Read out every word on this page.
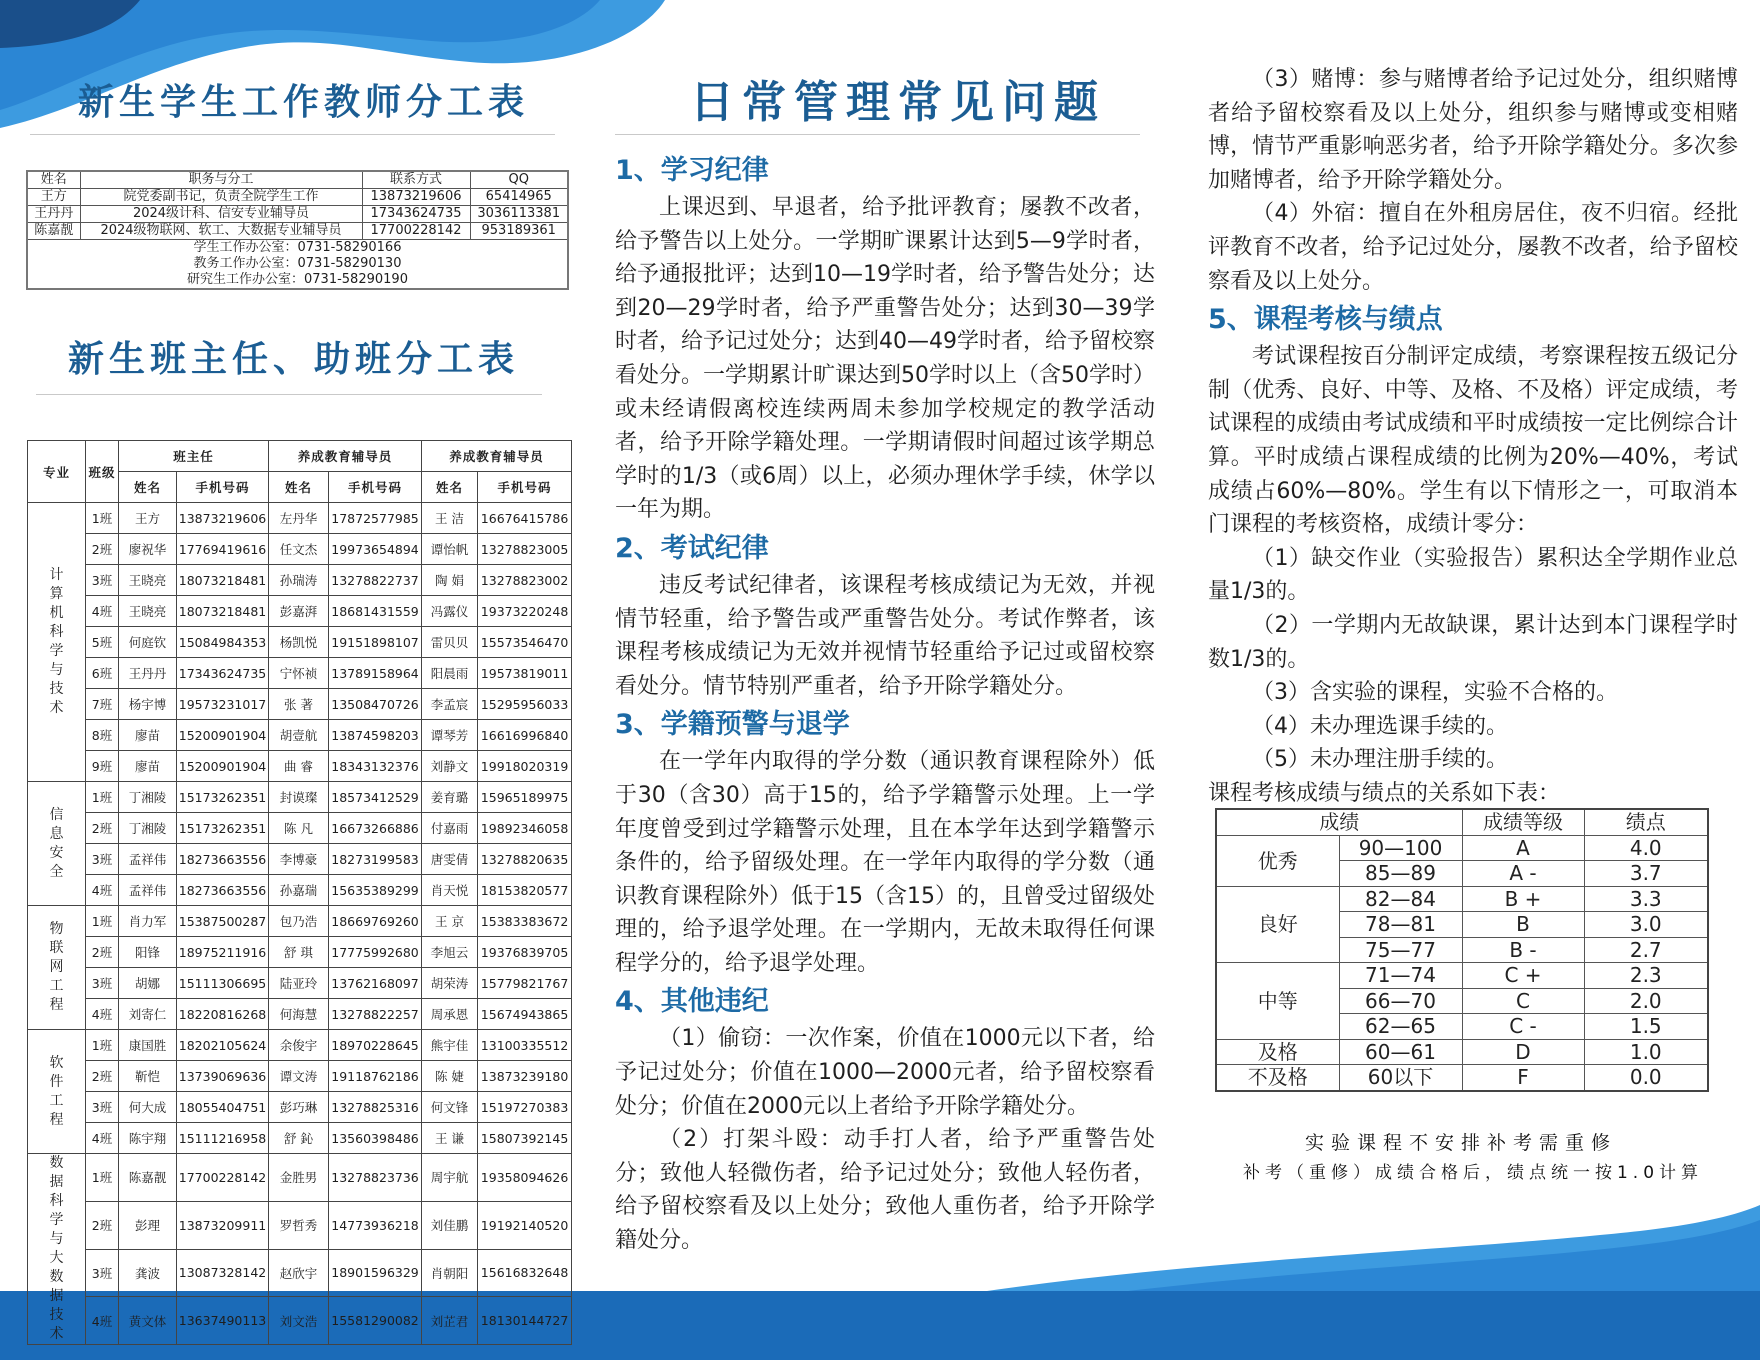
新生学生工作教师分工表
姓名	职务与分工	联系方式	QQ
王方	院党委副书记，负责全院学生工作	13873219606	65414965
王丹丹	2024级计科、信安专业辅导员	17343624735	3036113381
陈嘉靓	2024级物联网、软工、大数据专业辅导员	17700228142	953189361
学生工作办公室：0731-58290166			
教务工作办公室：0731-58290130			
研究生工作办公室：0731-58290190			
新生班主任、助班分工表
专业	班级	班主任		养成教育辅导员		养成教育辅导员	
		姓名	手机号码	姓名	手机号码	姓名	手机号码
计算机科学与技术	1班	王方	13873219606	左丹华	17872577985	王 洁	16676415786
	2班	廖祝华	17769419616	任文杰	19973654894	谭怡帆	13278823005
	3班	王晓亮	18073218481	孙瑞涛	13278822737	陶 娟	13278823002
	4班	王晓亮	18073218481	彭嘉湃	18681431559	冯露仪	19373220248
	5班	何庭钦	15084984353	杨凯悦	19151898107	雷贝贝	15573546470
	6班	王丹丹	17343624735	宁怀祯	13789158964	阳晨雨	19573819011
	7班	杨宇博	19573231017	张 著	13508470726	李孟宸	15295956033
	8班	廖苗	15200901904	胡壹航	13874598203	谭琴芳	16616996840
	9班	廖苗	15200901904	曲 睿	18343132376	刘静文	19918020319
信息安全	1班	丁湘陵	15173262351	封谟璨	18573412529	姜育璐	15965189975
	2班	丁湘陵	15173262351	陈 凡	16673266886	付嘉雨	19892346058
	3班	孟祥伟	18273663556	李博豪	18273199583	唐雯倩	13278820635
	4班	孟祥伟	18273663556	孙嘉瑞	15635389299	肖天悦	18153820577
物联网工程	1班	肖力军	15387500287	包乃浩	18669769260	王 京	15383383672
	2班	阳锋	18975211916	舒 琪	17775992680	李旭云	19376839705
	3班	胡娜	15111306695	陆亚玲	13762168097	胡荣涛	15779821767
	4班	刘寄仁	18220816268	何海慧	13278822257	周承恩	15674943865
软件工程	1班	康国胜	18202105624	余俊宇	18970228645	熊宇佳	13100335512
	2班	靳恺	13739069636	谭文涛	19118762186	陈 婕	13873239180
	3班	何大成	18055404751	彭巧琳	13278825316	何文锋	15197270383
	4班	陈宇翔	15111216958	舒 鈊	13560398486	王 谦	15807392145
数据科学与大数据技术	1班	陈嘉靓	17700228142	金胜男	13278823736	周宇航	19358094626
	2班	彭理	13873209911	罗哲秀	14773936218	刘佳鹏	19192140520
	3班	龚波	13087328142	赵欣宇	18901596329	肖朝阳	15616832648
	4班	黄文体	13637490113	刘文浩	15581290082	刘芷君	18130144727
日常管理常见问题
1、学习纪律

上课迟到、早退者，给予批评教育；屡教不改者，给予警告以上处分。一学期旷课累计达到5—9学时者，给予通报批评；达到10—19学时者，给予警告处分；达到20—29学时者，给予严重警告处分；达到30—39学时者，给予记过处分；达到40—49学时者，给予留校察看处分。一学期累计旷课达到50学时以上（含50学时）或未经请假离校连续两周未参加学校规定的教学活动者，给予开除学籍处理。一学期请假时间超过该学期总学时的1/3（或6周）以上，必须办理休学手续，休学以一年为期。

2、考试纪律

违反考试纪律者，该课程考核成绩记为无效，并视情节轻重，给予警告或严重警告处分。考试作弊者，该课程考核成绩记为无效并视情节轻重给予记过或留校察看处分。情节特别严重者，给予开除学籍处分。

3、学籍预警与退学

在一学年内取得的学分数（通识教育课程除外）低于30（含30）高于15的，给予学籍警示处理。上一学年度曾受到过学籍警示处理，且在本学年达到学籍警示条件的，给予留级处理。在一学年内取得的学分数（通识教育课程除外）低于15（含15）的，且曾受过留级处理的，给予退学处理。在一学期内，无故未取得任何课程学分的，给予退学处理。

4、其他违纪

（1）偷窃：一次作案，价值在1000元以下者，给予记过处分；价值在1000—2000元者，给予留校察看处分；价值在2000元以上者给予开除学籍处分。

（2）打架斗殴：动手打人者，给予严重警告处分；致他人轻微伤者，给予记过处分；致他人轻伤者，给予留校察看及以上处分；致他人重伤者，给予开除学籍处分。

（3）赌博：参与赌博者给予记过处分，组织赌博者给予留校察看及以上处分，组织参与赌博或变相赌博，情节严重影响恶劣者，给予开除学籍处分。多次参加赌博者，给予开除学籍处分。

（4）外宿：擅自在外租房居住，夜不归宿。经批评教育不改者，给予记过处分，屡教不改者，给予留校察看及以上处分。

5、课程考核与绩点

考试课程按百分制评定成绩，考察课程按五级记分制（优秀、良好、中等、及格、不及格）评定成绩，考试课程的成绩由考试成绩和平时成绩按一定比例综合计算。平时成绩占课程成绩的比例为20%—40%，考试成绩占60%—80%。学生有以下情形之一，可取消本门课程的考核资格，成绩计零分：

（1）缺交作业（实验报告）累积达全学期作业总量1/3的。

（2）一学期内无故缺课，累计达到本门课程学时数1/3的。

（3）含实验的课程，实验不合格的。

（4）未办理选课手续的。

（5）未办理注册手续的。

课程考核成绩与绩点的关系如下表：

成绩		成绩等级	绩点
优秀	90—100	A	4.0
	85—89	A -	3.7
良好	82—84	B +	3.3
	78—81	B	3.0
	75—77	B -	2.7
中等	71—74	C +	2.3
	66—70	C	2.0
	62—65	C -	1.5
及格	60—61	D	1.0
不及格	60以下	F	0.0
实验课程不安排补考需重修
补考（重修）成绩合格后，绩点统一按1.0计算
